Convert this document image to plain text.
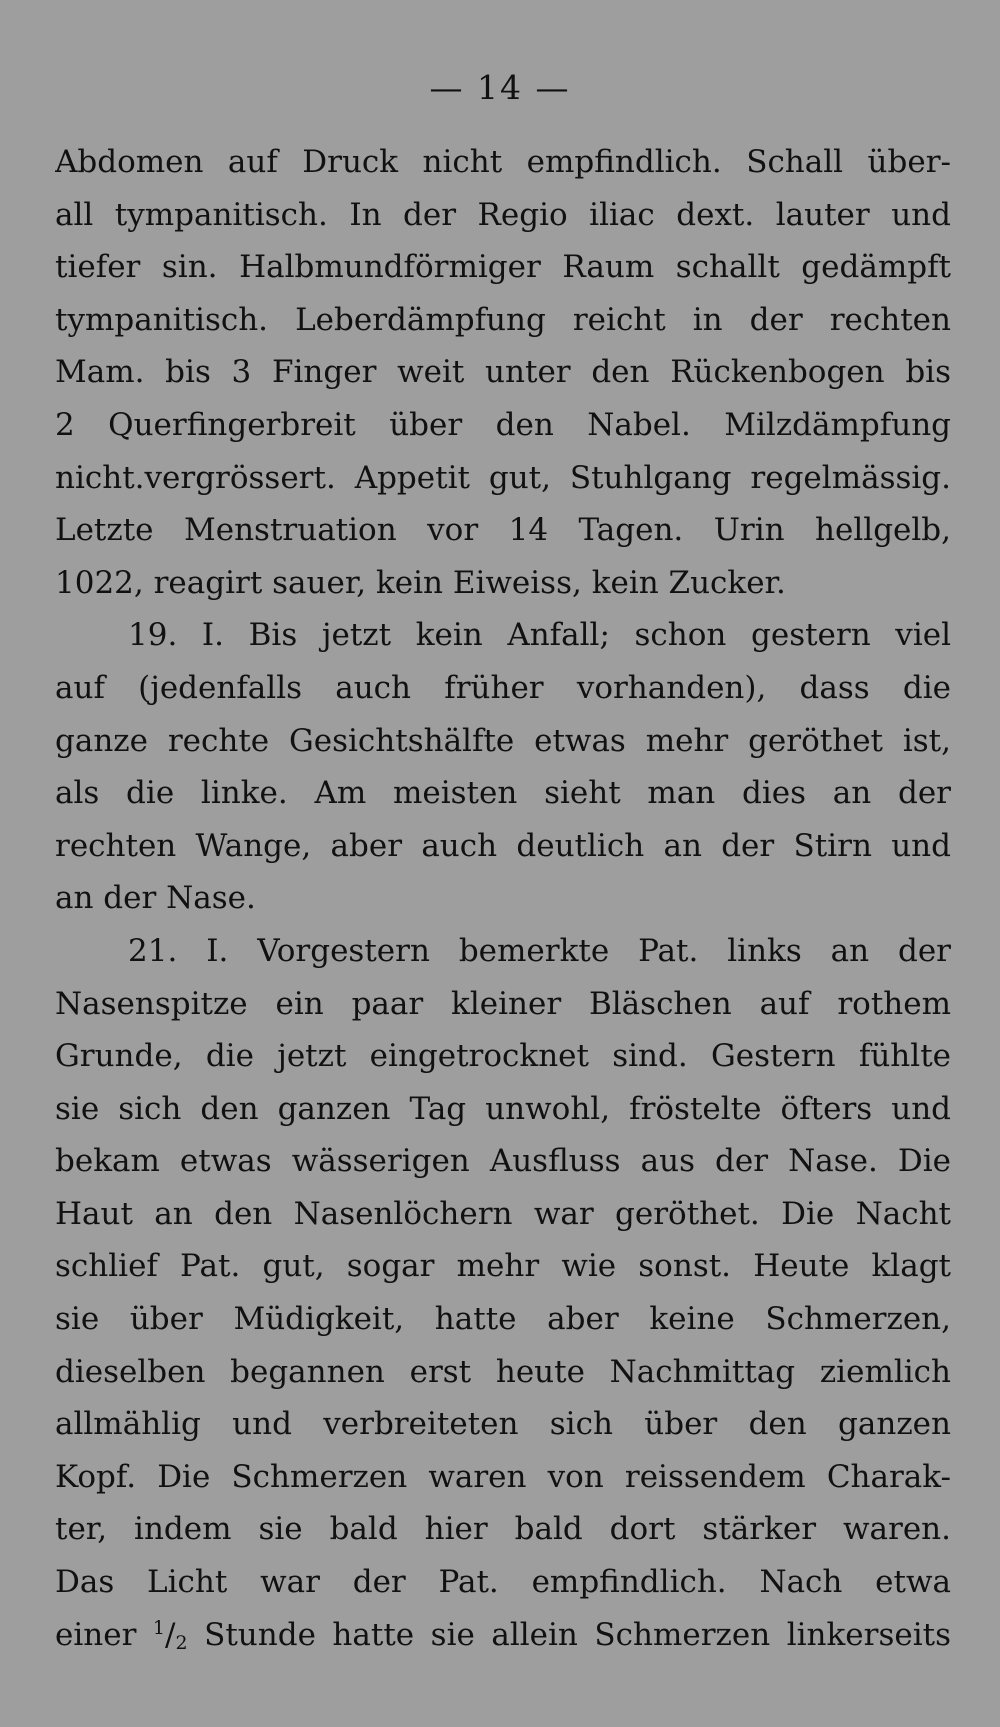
— 14 —
Abdomen auf Druck nicht empfindlich. Schall über-
all tympanitisch. In der Regio iliac dext. lauter und
tiefer sin. Halbmundförmiger Raum schallt gedämpft
tympanitisch. Leberdämpfung reicht in der rechten
Mam. bis 3 Finger weit unter den Rückenbogen bis
2 Querfingerbreit über den Nabel. Milzdämpfung
nicht.vergrössert. Appetit gut, Stuhlgang regelmässig.
Letzte Menstruation vor 14 Tagen. Urin hellgelb,
1022, reagirt sauer, kein Eiweiss, kein Zucker.
19. I. Bis jetzt kein Anfall; schon gestern viel
auf (jedenfalls auch früher vorhanden), dass die
ganze rechte Gesichtshälfte etwas mehr geröthet ist,
als die linke. Am meisten sieht man dies an der
rechten Wange, aber auch deutlich an der Stirn und
an der Nase.
21. I. Vorgestern bemerkte Pat. links an der
Nasenspitze ein paar kleiner Bläschen auf rothem
Grunde, die jetzt eingetrocknet sind. Gestern fühlte
sie sich den ganzen Tag unwohl, fröstelte öfters und
bekam etwas wässerigen Ausfluss aus der Nase. Die
Haut an den Nasenlöchern war geröthet. Die Nacht
schlief Pat. gut, sogar mehr wie sonst. Heute klagt
sie über Müdigkeit, hatte aber keine Schmerzen,
dieselben begannen erst heute Nachmittag ziemlich
allmählig und verbreiteten sich über den ganzen
Kopf. Die Schmerzen waren von reissendem Charak-
ter, indem sie bald hier bald dort stärker waren.
Das Licht war der Pat. empfindlich. Nach etwa
einer $^1$/2 Stunde hatte sie allein Schmerzen linkerseits
